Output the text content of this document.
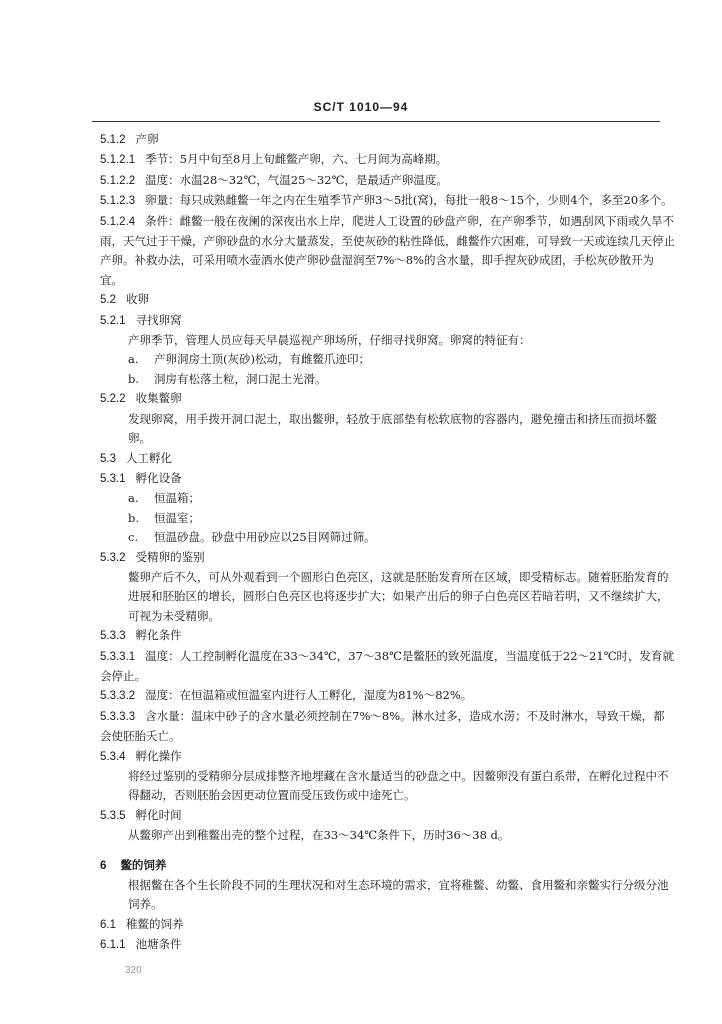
SC/T 1010—94
5.1.2 产卵
5.1.2.1 季节：5月中旬至8月上旬雌鳖产卵，六、七月间为高峰期。
5.1.2.2 温度：水温28～32℃，气温25～32℃，是最适产卵温度。
5.1.2.3 卵量：每只成熟雌鳖一年之内在生殖季节产卵3～5批(窝)，每批一般8～15个，少则4个，多至20多个。
5.1.2.4 条件：雌鳖一般在夜阑的深夜出水上岸，爬进人工设置的砂盘产卵，在产卵季节，如遇刮风下雨或久旱不雨，天气过于干燥，产卵砂盘的水分大量蒸发，至使灰砂的粘性降低，雌鳖作穴困难，可导致一天或连续几天停止产卵。补救办法，可采用喷水壶洒水使产卵砂盘湿润至7%～8%的含水量，即手捏灰砂成团，手松灰砂散开为宜。
5.2 收卵
5.2.1 寻找卵窝
产卵季节，管理人员应每天早晨巡视产卵场所，仔细寻找卵窝。卵窝的特征有：
a. 产卵洞房土顶(灰砂)松动，有雌鳖爪迹印；
b. 洞房有松落土粒，洞口泥土光滑。
5.2.2 收集鳖卵
发现卵窝，用手拨开洞口泥土，取出鳖卵，轻放于底部垫有松软底物的容器内，避免撞击和挤压而损坏鳖卵。
5.3 人工孵化
5.3.1 孵化设备
a. 恒温箱；
b. 恒温室；
c. 恒温砂盘。砂盘中用砂应以25目网筛过筛。
5.3.2 受精卵的鉴别
鳖卵产后不久，可从外观看到一个圆形白色亮区，这就是胚胎发育所在区域，即受精标志。随着胚胎发育的进展和胚胎区的增长，圆形白色亮区也将逐步扩大；如果产出后的卵子白色亮区若暗若明，又不继续扩大，可视为未受精卵。
5.3.3 孵化条件
5.3.3.1 温度：人工控制孵化温度在33～34℃，37～38℃是鳖胚的致死温度，当温度低于22～21℃时，发育就会停止。
5.3.3.2 湿度：在恒温箱或恒温室内进行人工孵化，湿度为81%～82%。
5.3.3.3 含水量：温床中砂子的含水量必须控制在7%～8%。淋水过多，造成水涝；不及时淋水，导致干燥，都会使胚胎夭亡。
5.3.4 孵化操作
将经过鉴别的受精卵分层成排整齐地埋藏在含水量适当的砂盘之中。因鳖卵没有蛋白系带，在孵化过程中不得翻动，否则胚胎会因更动位置而受压致伤或中途死亡。
5.3.5 孵化时间
从鳖卵产出到稚鳖出壳的整个过程，在33～34℃条件下，历时36～38 d。
6 鳖的饲养
根据鳖在各个生长阶段不同的生理状况和对生态环境的需求，宜将稚鳖、幼鳖、食用鳖和亲鳖实行分级分池饲养。
6.1 稚鳖的饲养
6.1.1 池塘条件
320
